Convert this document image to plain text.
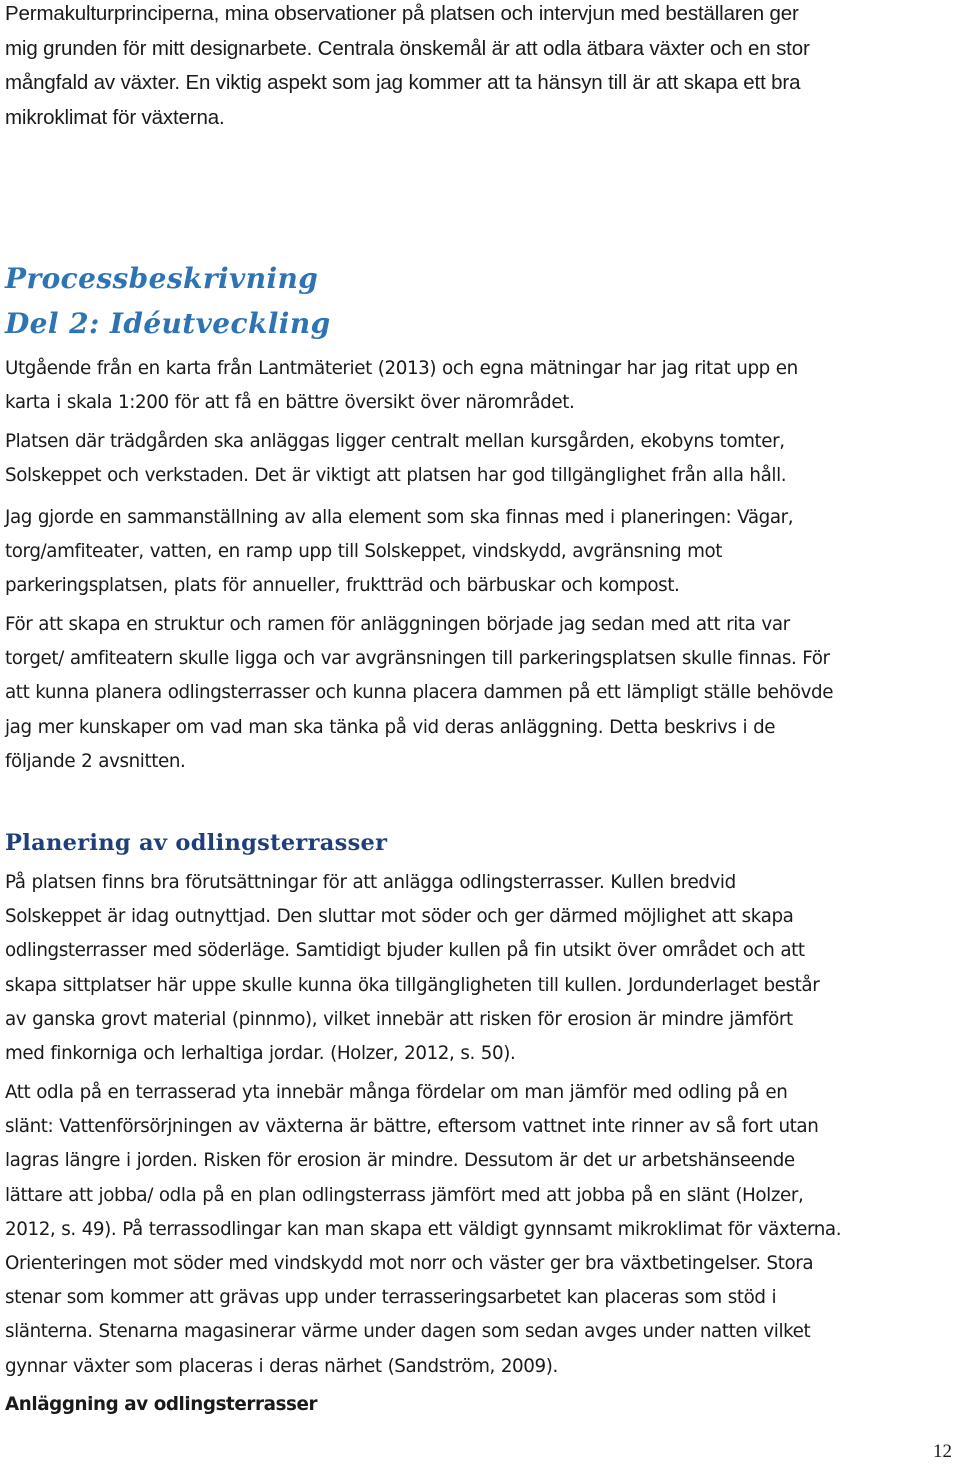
Permakulturprinciperna, mina observationer på platsen och intervjun med beställaren ger
mig grunden för mitt designarbete. Centrala önskemål är att odla ätbara växter och en stor
mångfald av växter. En viktig aspekt som jag kommer att ta hänsyn till är att skapa ett bra
mikroklimat för växterna.
Processbeskrivning
Del 2: Idéutveckling
Utgående från en karta från Lantmäteriet (2013) och egna mätningar har jag ritat upp en
karta i skala 1:200 för att få en bättre översikt över närområdet.
Platsen där trädgården ska anläggas ligger centralt mellan kursgården, ekobyns tomter,
Solskeppet och verkstaden. Det är viktigt att platsen har god tillgänglighet från alla håll.
Jag gjorde en sammanställning av alla element som ska finnas med i planeringen: Vägar,
torg/amfiteater, vatten, en ramp upp till Solskeppet, vindskydd, avgränsning mot
parkeringsplatsen, plats för annueller, fruktträd och bärbuskar och kompost.
För att skapa en struktur och ramen för anläggningen började jag sedan med att rita var
torget/ amfiteatern skulle ligga och var avgränsningen till parkeringsplatsen skulle finnas. För
att kunna planera odlingsterrasser och kunna placera dammen på ett lämpligt ställe behövde
jag mer kunskaper om vad man ska tänka på vid deras anläggning. Detta beskrivs i de
följande 2 avsnitten.
Planering av odlingsterrasser
På platsen finns bra förutsättningar för att anlägga odlingsterrasser. Kullen bredvid
Solskeppet är idag outnyttjad. Den sluttar mot söder och ger därmed möjlighet att skapa
odlingsterrasser med söderläge. Samtidigt bjuder kullen på fin utsikt över området och att
skapa sittplatser här uppe skulle kunna öka tillgängligheten till kullen. Jordunderlaget består
av ganska grovt material (pinnmo), vilket innebär att risken för erosion är mindre jämfört
med finkorniga och lerhaltiga jordar. (Holzer, 2012, s. 50).
Att odla på en terrasserad yta innebär många fördelar om man jämför med odling på en
slänt: Vattenförsörjningen av växterna är bättre, eftersom vattnet inte rinner av så fort utan
lagras längre i jorden. Risken för erosion är mindre. Dessutom är det ur arbetshänseende
lättare att jobba/ odla på en plan odlingsterrass jämfört med att jobba på en slänt (Holzer,
2012, s. 49). På terrassodlingar kan man skapa ett väldigt gynnsamt mikroklimat för växterna.
Orienteringen mot söder med vindskydd mot norr och väster ger bra växtbetingelser. Stora
stenar som kommer att grävas upp under terrasseringsarbetet kan placeras som stöd i
slänterna. Stenarna magasinerar värme under dagen som sedan avges under natten vilket
gynnar växter som placeras i deras närhet (Sandström, 2009).
Anläggning av odlingsterrasser
12
